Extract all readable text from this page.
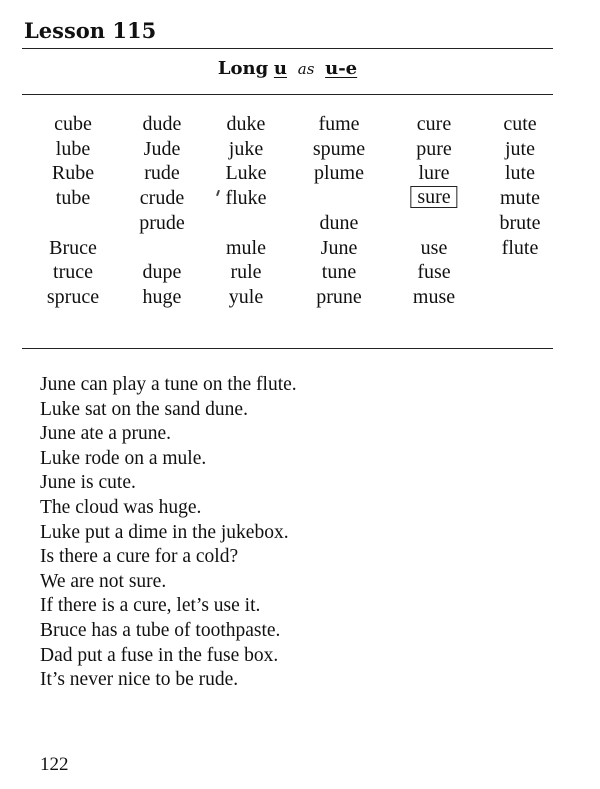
Lesson 115
Long u as u-e
cube
lube
Rube
tube
Bruce
truce
spruce
dude
Jude
rude
crude
prude
dupe
huge
duke
juke
Luke
fluke
mule
rule
yule
fume
spume
plume
dune
June
tune
prune
cure
pure
lure
sure
use
fuse
muse
cute
jute
lute
mute
brute
flute
June can play a tune on the flute.
Luke sat on the sand dune.
June ate a prune.
Luke rode on a mule.
June is cute.
The cloud was huge.
Luke put a dime in the jukebox.
Is there a cure for a cold?
We are not sure.
If there is a cure, let’s use it.
Bruce has a tube of toothpaste.
Dad put a fuse in the fuse box.
It’s never nice to be rude.
122
